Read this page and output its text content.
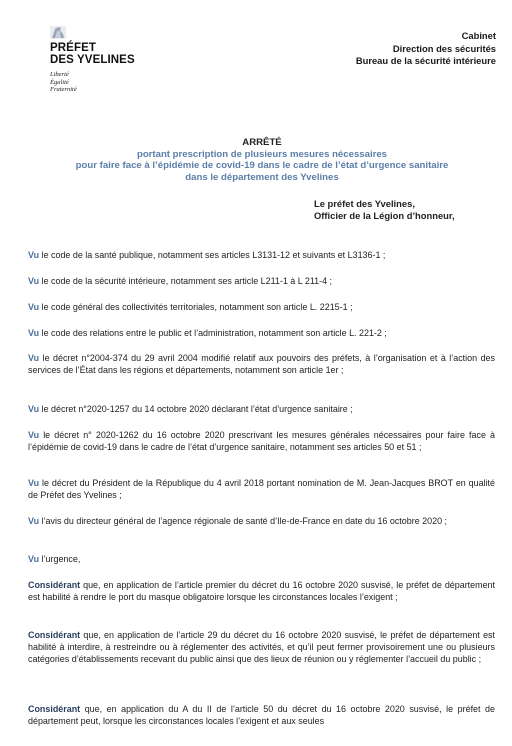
PRÉFET
DES YVELINES
Liberté
Égalité
Fraternité
Cabinet
Direction des sécurités
Bureau de la sécurité intérieure
ARRÊTÉ
portant prescription de plusieurs mesures nécessaires
pour faire face à l’épidémie de covid-19 dans le cadre de l’état d’urgence sanitaire
dans le département des Yvelines
Le préfet des Yvelines,
Officier de la Légion d’honneur,
Vu le code de la santé publique, notamment ses articles L3131-12 et suivants et L3136-1 ;
Vu le code de la sécurité intérieure, notamment ses article L211-1 à L 211-4 ;
Vu le code général des collectivités territoriales, notamment son article L. 2215-1 ;
Vu le code des relations entre le public et l’administration, notamment son article L. 221-2 ;
Vu le décret n°2004-374 du 29 avril 2004 modifié relatif aux pouvoirs des préfets, à l’organisation et à l’action des services de l’État dans les régions et départements, notamment son article 1er ;
Vu le décret n°2020-1257 du 14 octobre 2020 déclarant l’état d’urgence sanitaire ;
Vu le décret n° 2020-1262 du 16 octobre 2020 prescrivant les mesures générales nécessaires pour faire face à l’épidémie de covid-19 dans le cadre de l’état d’urgence sanitaire, notamment ses articles 50 et 51 ;
Vu le décret du Président de la République du 4 avril 2018 portant nomination de M. Jean-Jacques BROT en qualité de Préfet des Yvelines ;
Vu l’avis du directeur général de l’agence régionale de santé d’Ile-de-France en date du 16 octobre 2020 ;
Vu l’urgence,
Considérant que, en application de l’article premier du décret du 16 octobre 2020 susvisé, le préfet de département est habilité à rendre le port du masque obligatoire lorsque les circonstances locales l’exigent ;
Considérant que, en application de l’article 29 du décret du 16 octobre 2020 susvisé, le préfet de département est habilité à interdire, à restreindre ou à réglementer des activités, et qu’il peut fermer provisoirement une ou plusieurs catégories d’établissements recevant du public ainsi que des lieux de réunion ou y réglementer l’accueil du public ;
Considérant que, en application du A du II de l’article 50 du décret du 16 octobre 2020 susvisé, le préfet de département peut, lorsque les circonstances locales l’exigent et aux seules
